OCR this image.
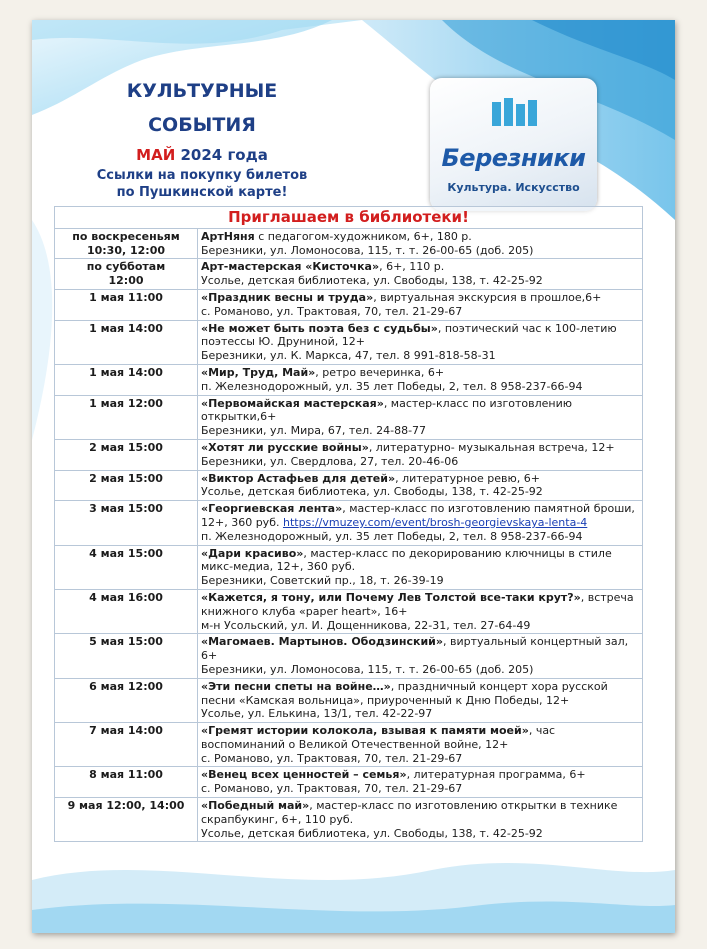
КУЛЬТУРНЫЕ
СОБЫТИЯ
МАЙ 2024 года
Ссылки на покупку билетов
по Пушкинской карте!
Березники
Культура. Искусство
Приглашаем в библиотеки!	
по воскресеньям
10:30, 12:00	АртНяня с педагогом-художником, 6+, 180 р.
Березники, ул. Ломоносова, 115, т. т. 26-00-65 (доб. 205)
по субботам
12:00	Арт-мастерская «Кисточка», 6+, 110 р.
Усолье, детская библиотека, ул. Свободы, 138, т. 42-25-92
1 мая 11:00	«Праздник весны и труда», виртуальная экскурсия в прошлое,6+
с. Романово, ул. Трактовая, 70, тел. 21-29-67
1 мая 14:00	«Не может быть поэта без с судьбы», поэтический час к 100-летию поэтессы Ю. Друниной, 12+
Березники, ул. К. Маркса, 47, тел. 8 991-818-58-31
1 мая 14:00	«Мир, Труд, Май», ретро вечеринка, 6+
п. Железнодорожный, ул. 35 лет Победы, 2, тел. 8 958-237-66-94
1 мая 12:00	«Первомайская мастерская», мастер-класс по изготовлению открытки,6+
Березники, ул. Мира, 67, тел. 24-88-77
2 мая 15:00	«Хотят ли русские войны», литературно- музыкальная встреча, 12+
Березники, ул. Свердлова, 27, тел. 20-46-06
2 мая 15:00	«Виктор Астафьев для детей», литературное ревю, 6+
Усолье, детская библиотека, ул. Свободы, 138, т. 42-25-92
3 мая 15:00	«Георгиевская лента», мастер-класс по изготовлению памятной броши, 12+, 360 руб. https://vmuzey.com/event/brosh-georgievskaya-lenta-4
п. Железнодорожный, ул. 35 лет Победы, 2, тел. 8 958-237-66-94
4 мая 15:00	«Дари красиво», мастер-класс по декорированию ключницы в стиле микс-медиа, 12+, 360 руб.
Березники, Советский пр., 18, т. 26-39-19
4 мая 16:00	«Кажется, я тону, или Почему Лев Толстой все-таки крут?», встреча книжного клуба «paper heart», 16+
м-н Усольский, ул. И. Дощенникова, 22-31, тел. 27-64-49
5 мая 15:00	«Магомаев. Мартынов. Ободзинский», виртуальный концертный зал, 6+
Березники, ул. Ломоносова, 115, т. т. 26-00-65 (доб. 205)
6 мая 12:00	«Эти песни спеты на войне…», праздничный концерт хора русской песни «Камская вольница», приуроченный к Дню Победы, 12+
Усолье, ул. Елькина, 13/1, тел. 42-22-97
7 мая 14:00	«Гремят истории колокола, взывая к памяти моей», час воспоминаний о Великой Отечественной войне, 12+
с. Романово, ул. Трактовая, 70, тел. 21-29-67
8 мая 11:00	«Венец всех ценностей – семья», литературная программа, 6+
с. Романово, ул. Трактовая, 70, тел. 21-29-67
9 мая 12:00, 14:00	«Победный май», мастер-класс по изготовлению открытки в технике скрапбукинг, 6+, 110 руб.
Усолье, детская библиотека, ул. Свободы, 138, т. 42-25-92
